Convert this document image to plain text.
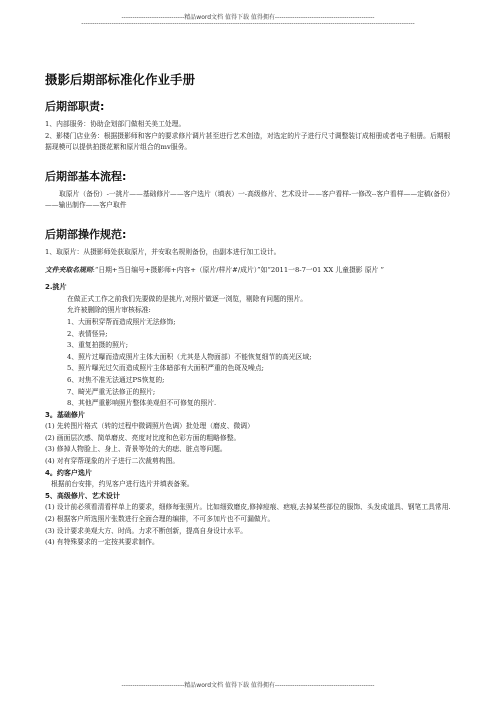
-----------------------------精品word文档 值得下载 值得拥有----------------------------------------------
----------------------------------------------------------------------------------------------------------------------------------------------------------
摄影后期部标准化作业手册
后期部职责:

1、内部服务：协助企划部门做相关美工处理。

2、影楼门店业务：根据摄影师和客户的要求修片调片甚至进行艺术创造，对选定的片子进行尺寸调整装订成相册或者电子相册。后期根据现模可以提供拍摄花絮和原片组合的mv服务。

后期部基本流程:

取原片（备份）-一挑片——基础修片——客户选片（填表）一-高级修片、艺术设计——客户看样-一修改--客户看样——定稿(备份）——输出制作——客户取件

后期部操作规范:

1、取原片：从摄影师处获取原片，并安取名规则备份，由副本进行加工设计。

文件夹取名规则:“日期+当日编号+摄影师+内容+（原片/样片#/成片）”如“2011一8-7一01 XX 儿童摄影 原片 ”

2.挑片

在做正式工作之前我们先要做的是挑片,对照片做逐一浏览，剔除有问题的照片。

允许被删除的照片审核标准:

1、大面积穿帮而造成照片无法修饰;

2、表情怪异;

3、重复拍摄的照片;

4、照片过曝而造成照片主体大面积（尤其是人物面部）不能恢复细节的高光区域;

5、照片曝光过欠而造成照片主体暗部有大面积严重的色斑及噪点;

6、对焦不准无法通过PS恢复的;

7、畸光严重无法修正的照片;

8、其他严重影响照片整体美观但不可修复的照片.

3。基础修片

(1) 先转图片格式（转的过程中微调照片色调）批处理（磨皮、微调）

(2) 画面层次感、简单磨皮、亮度对比度和色彩方面的粗略修整。

(3) 修掉人物脸上、身上、背景等处的大的痣、脏点等问题。

(4) 对有穿帮现象的片子进行二次裁剪构图。

4。约客户选片

根据前台安排，约见客户进行选片并填表备案。

5、高级修片、艺术设计

(1) 设计前必须看清看样单上的要求，细修每张照片。比如细致磨皮,修掉痘痕、疤痕,去掉某些部位的服饰、头发成道具、钢笔工具常用.

(2) 根据客户所选照片张数进行全面合理的编排，不可多加片也不可漏做片。

(3) 设计要求美观大方、时尚。力求不断创新，提高自身设计水平。

(4) 有特殊要求的一定按其要求制作。

-----------------------------精品word文档 值得下载 值得拥有----------------------------------------------
